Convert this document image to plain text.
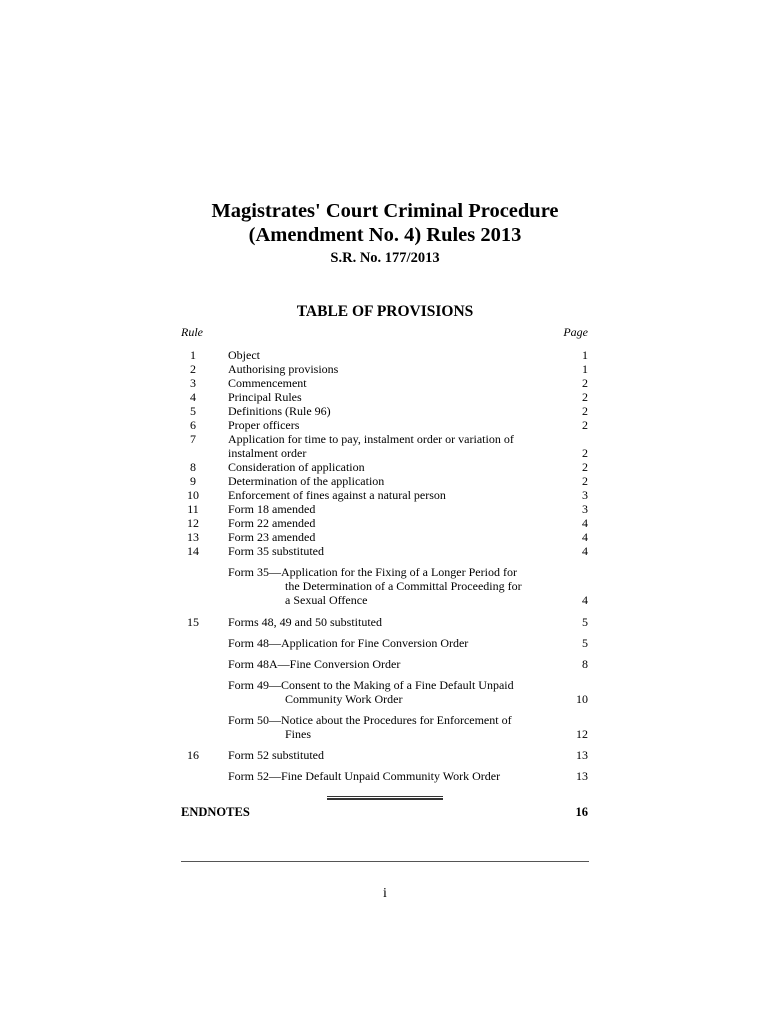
Magistrates' Court Criminal Procedure
(Amendment No. 4) Rules 2013
S.R. No. 177/2013
TABLE OF PROVISIONS
Rule	Page
1	Object	1
2	Authorising provisions	1
3	Commencement	2
4	Principal Rules	2
5	Definitions (Rule 96)	2
6	Proper officers	2
7	Application for time to pay, instalment order or variation of
instalment order	2
8	Consideration of application	2
9	Determination of the application	2
10	Enforcement of fines against a natural person	3
11	Form 18 amended	3
12	Form 22 amended	4
13	Form 23 amended	4
14	Form 35 substituted	4
Form 35—Application for the Fixing of a Longer Period for
the Determination of a Committal Proceeding for
a Sexual Offence	4
15	Forms 48, 49 and 50 substituted	5
Form 48—Application for Fine Conversion Order	5
Form 48A—Fine Conversion Order	8
Form 49—Consent to the Making of a Fine Default Unpaid
Community Work Order	10
Form 50—Notice about the Procedures for Enforcement of
Fines	12
16	Form 52 substituted	13
Form 52—Fine Default Unpaid Community Work Order	13
ENDNOTES	16
i
